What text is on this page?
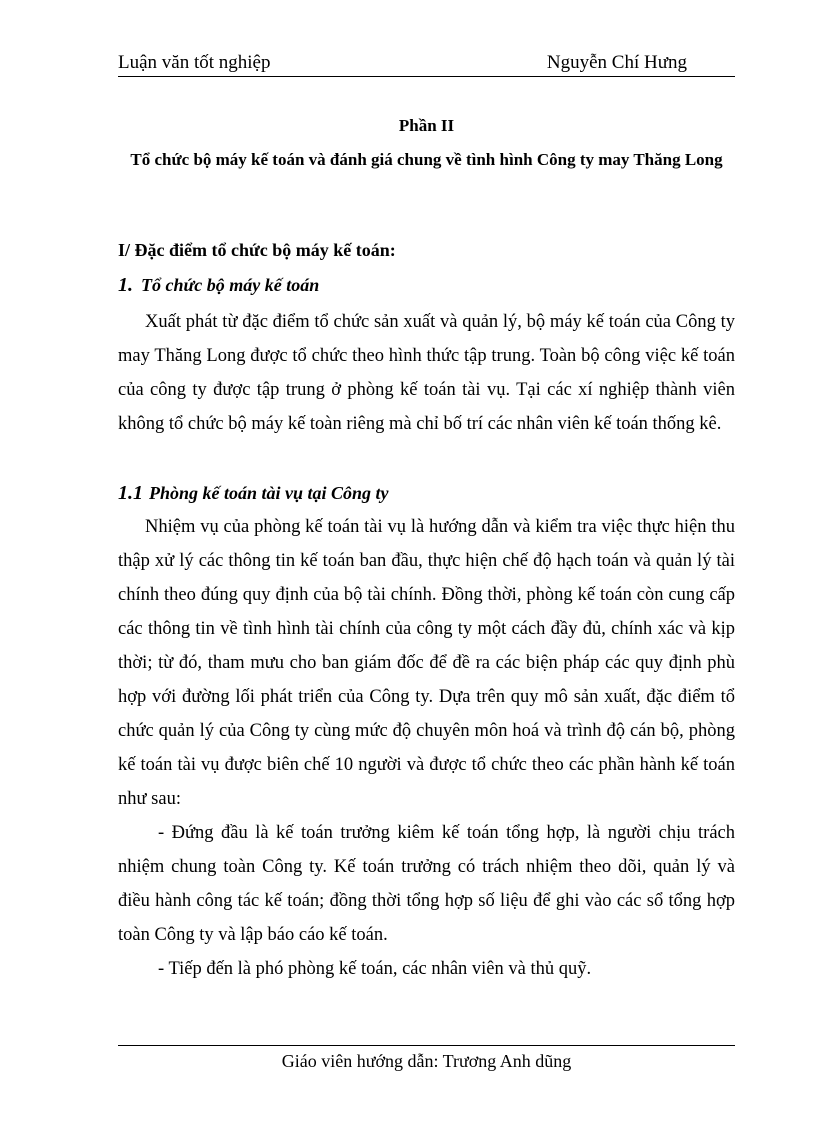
Luận văn tốt nghiệp	Nguyễn Chí Hưng
Phần II
Tổ chức bộ máy kế toán và đánh giá chung về tình hình Công ty may Thăng Long
I/ Đặc điểm tổ chức bộ máy kế toán:
1. Tổ chức bộ máy kế toán

Xuất phát từ đặc điểm tổ chức sản xuất và quản lý, bộ máy kế toán của Công ty may Thăng Long được tổ chức theo hình thức tập trung. Toàn bộ công việc kế toán của công ty được tập trung ở phòng kế toán tài vụ. Tại các xí nghiệp thành viên không tổ chức bộ máy kế toàn riêng mà chỉ bố trí các nhân viên kế toán thống kê.

1.1 Phòng kế toán tài vụ tại Công ty

Nhiệm vụ của phòng kế toán tài vụ là hướng dẫn và kiểm tra việc thực hiện thu thập xử lý các thông tin kế toán ban đầu, thực hiện chế độ hạch toán và quản lý tài chính theo đúng quy định của bộ tài chính. Đồng thời, phòng kế toán còn cung cấp các thông tin về tình hình tài chính của công ty một cách đầy đủ, chính xác và kịp thời; từ đó, tham mưu cho ban giám đốc để đề ra các biện pháp các quy định phù hợp với đường lối phát triển của Công ty. Dựa trên quy mô sản xuất, đặc điểm tổ chức quản lý của Công ty cùng mức độ chuyên môn hoá và trình độ cán bộ, phòng kế toán tài vụ được biên chế 10 người và được tổ chức theo các phần hành kế toán như sau:

- Đứng đầu là kế toán trưởng kiêm kế toán tổng hợp, là người chịu trách nhiệm chung toàn Công ty. Kế toán trưởng có trách nhiệm theo dõi, quản lý và điều hành công tác kế toán; đồng thời tổng hợp số liệu để ghi vào các sổ tổng hợp toàn Công ty và lập báo cáo kế toán.

- Tiếp đến là phó phòng kế toán, các nhân viên và thủ quỹ.

Giáo viên hướng dẫn: Trương Anh dũng
